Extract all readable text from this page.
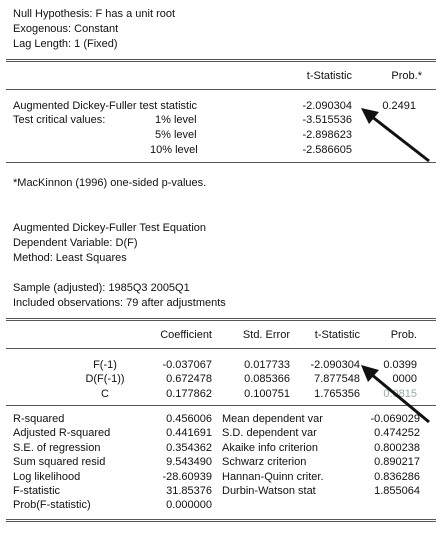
Null Hypothesis: F has a unit root
Exogenous: Constant
Lag Length: 1 (Fixed)
t-Statistic	Prob.*
Augmented Dickey-Fuller test statistic	-2.090304	0.2491
Test critical values:	1% level	-3.515536
5% level	-2.898623
10% level	-2.586605
*MacKinnon (1996) one-sided p-values.
Augmented Dickey-Fuller Test Equation
Dependent Variable: D(F)
Method: Least Squares
Sample (adjusted): 1985Q3 2005Q1
Included observations: 79 after adjustments
Coefficient	Std. Error	t-Statistic	Prob.
F(-1)	-0.037067	0.017733	-2.090304	0.0399
D(F(-1))	0.672478	0.085366	7.877548	0000
C	0.177862	0.100751	1.765356	0.0815
R-squared	0.456006 Mean dependent var	-0.069029
Adjusted R-squared	0.441691 S.D. dependent var	0.474252
S.E. of regression	0.354362 Akaike info criterion	0.800238
Sum squared resid	9.543490 Schwarz criterion	0.890217
Log likelihood	-28.60939 Hannan-Quinn criter.	0.836286
F-statistic	31.85376 Durbin-Watson stat	1.855064
Prob(F-statistic)	0.000000
